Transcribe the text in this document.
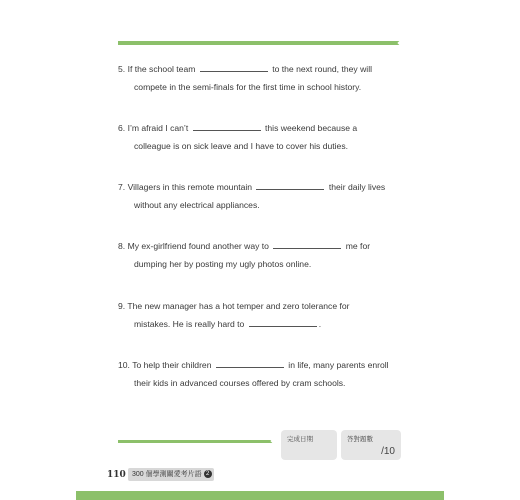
5. If the school team	to the next round, they will
compete in the semi-finals for the first time in school history.
6. I’m afraid I can’t	this weekend because a
colleague is on sick leave and I have to cover his duties.
7. Villagers in this remote mountain	their daily lives
without any electrical appliances.
8. My ex-girlfriend found another way to	me for
dumping her by posting my ugly photos online.
9. The new manager has a hot temper and zero tolerance for
mistakes. He is really hard to	.
10. To help their children	in life, many parents enroll
their kids in advanced courses offered by cram schools.
完成日期	答對題數
/10
110 300 個學測關愛考片語 2
